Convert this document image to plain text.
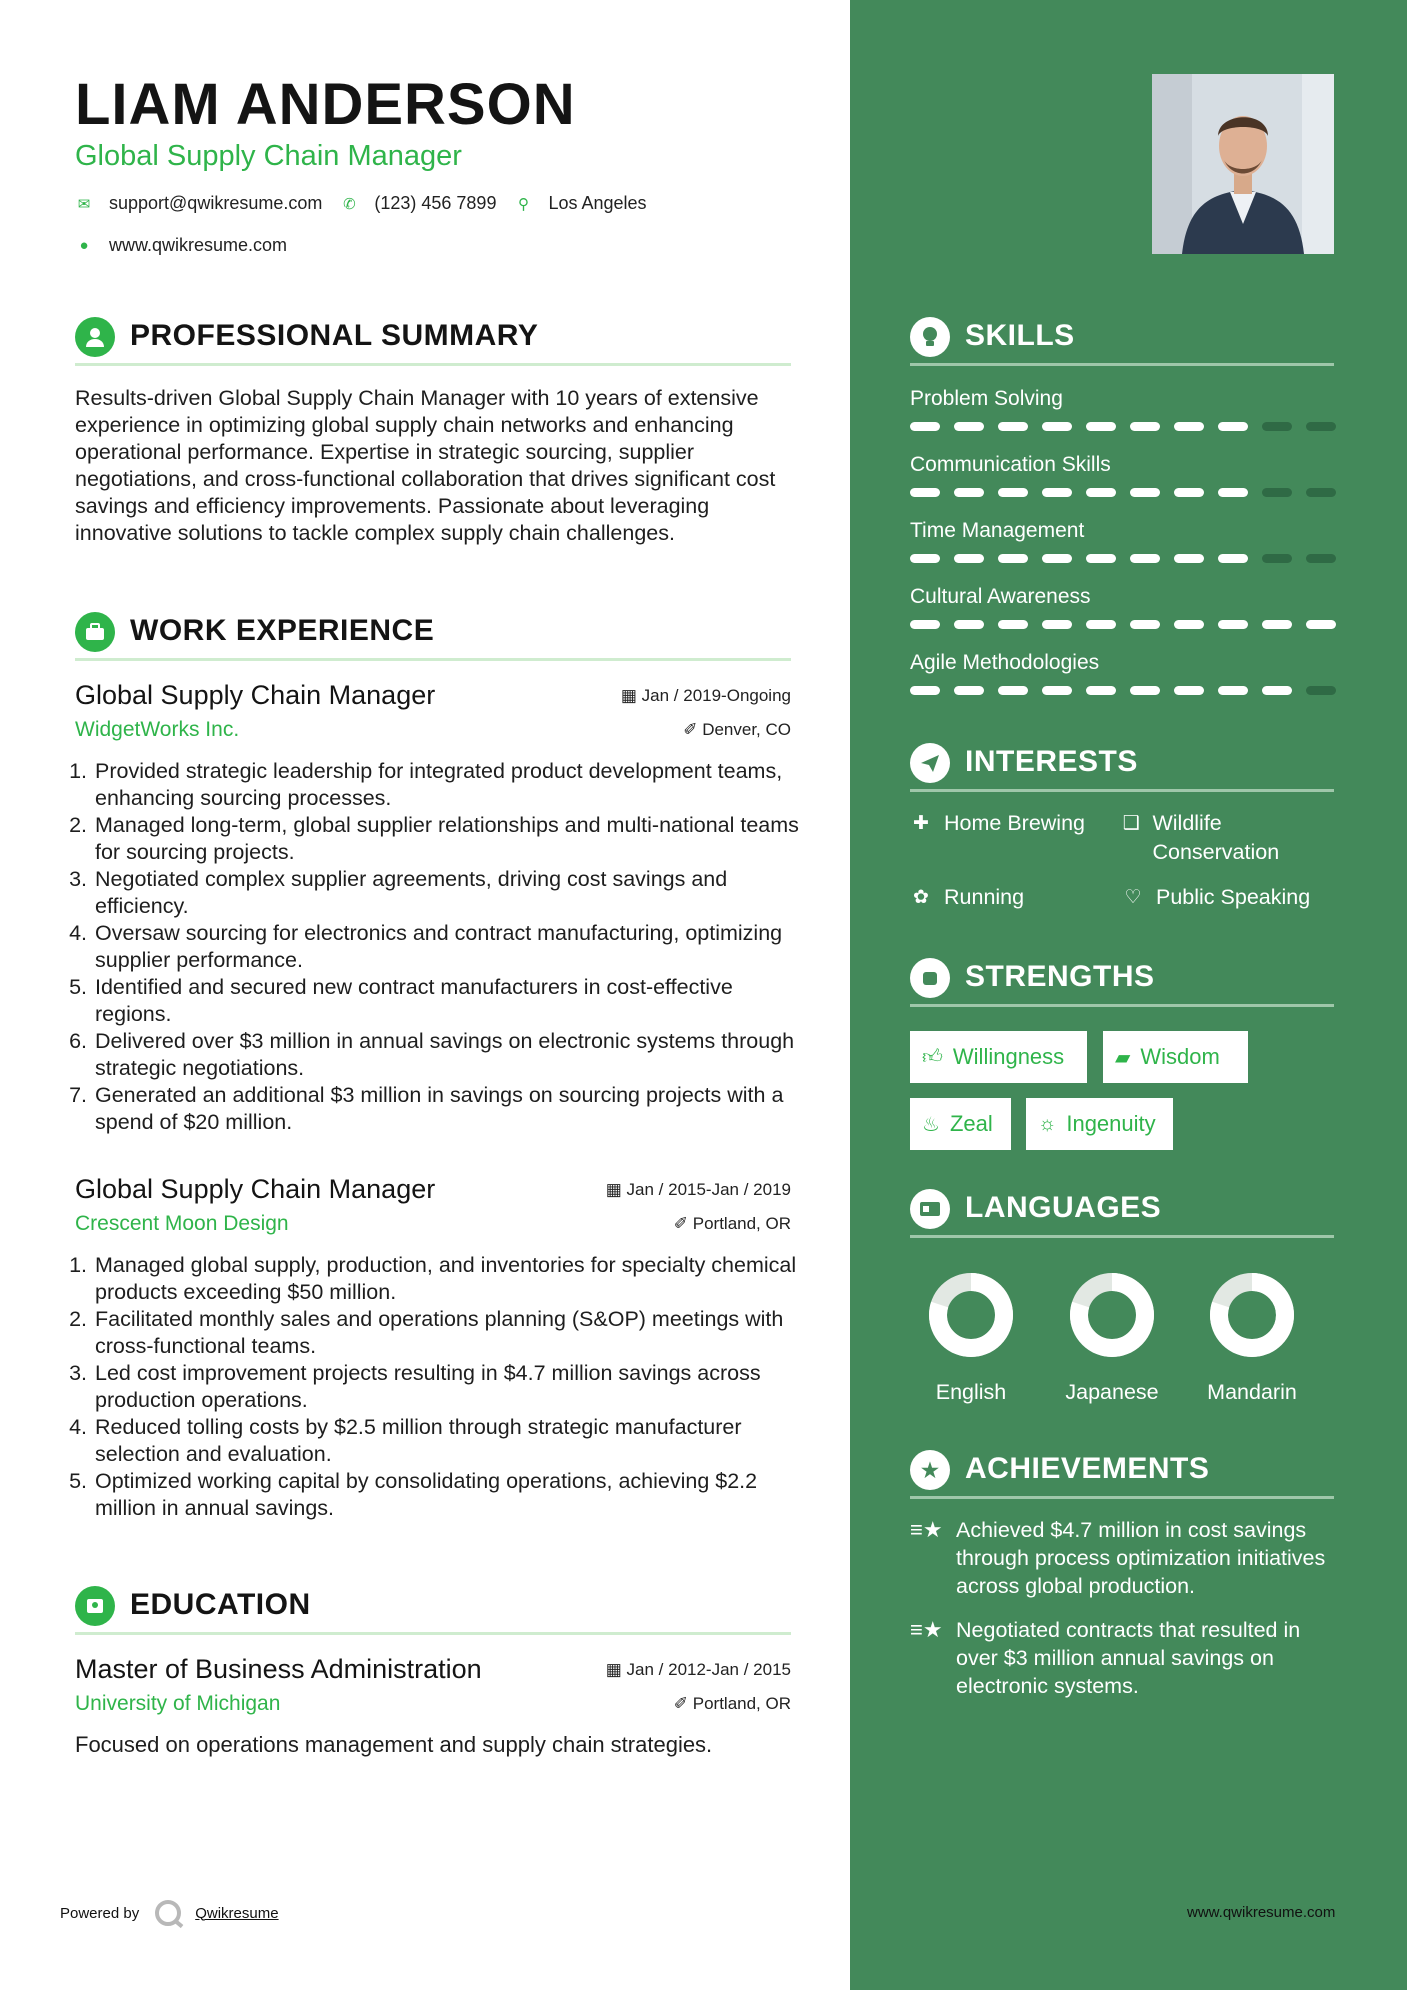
LIAM ANDERSON
Global Supply Chain Manager
✉ support@qwikresume.com ✆ (123) 456 7899 ⚲ Los Angeles
● www.qwikresume.com
PROFESSIONAL SUMMARY

Results-driven Global Supply Chain Manager with 10 years of extensive experience in optimizing global supply chain networks and enhancing operational performance. Expertise in strategic sourcing, supplier negotiations, and cross-functional collaboration that drives significant cost savings and efficiency improvements. Passionate about leveraging innovative solutions to tackle complex supply chain challenges.

WORK EXPERIENCE
Global Supply Chain Manager	▦ Jan / 2019-Ongoing
WidgetWorks Inc.	✐ Denver, CO
1. Provided strategic leadership for integrated product development teams, enhancing sourcing processes.
2. Managed long-term, global supplier relationships and multi-national teams for sourcing projects.
3. Negotiated complex supplier agreements, driving cost savings and efficiency.
4. Oversaw sourcing for electronics and contract manufacturing, optimizing supplier performance.
5. Identified and secured new contract manufacturers in cost-effective regions.
6. Delivered over $3 million in annual savings on electronic systems through strategic negotiations.
7. Generated an additional $3 million in savings on sourcing projects with a spend of $20 million.
Global Supply Chain Manager	▦ Jan / 2015-Jan / 2019
Crescent Moon Design	✐ Portland, OR
1. Managed global supply, production, and inventories for specialty chemical products exceeding $50 million.
2. Facilitated monthly sales and operations planning (S&OP) meetings with cross-functional teams.
3. Led cost improvement projects resulting in $4.7 million savings across production operations.
4. Reduced tolling costs by $2.5 million through strategic manufacturer selection and evaluation.
5. Optimized working capital by consolidating operations, achieving $2.2 million in annual savings.
EDUCATION
Master of Business Administration	▦ Jan / 2012-Jan / 2015
University of Michigan	✐ Portland, OR
Focused on operations management and supply chain strategies.
Powered by	Qwikresume
SKILLS
Problem Solving
Communication Skills
Time Management
Cultural Awareness
Agile Methodologies
INTERESTS
✚ Home Brewing ❑ Wildlife Conservation
✿ Running	♡ Public Speaking
STRENGTHS
👍︎ Willingness	▰ Wisdom
♨ Zeal ☼ Ingenuity
LANGUAGES
English	Japanese	Mandarin
★ ACHIEVEMENTS
≡★ Achieved $4.7 million in cost savings through process optimization initiatives across global production.
≡★ Negotiated contracts that resulted in over $3 million annual savings on electronic systems.
www.qwikresume.com
